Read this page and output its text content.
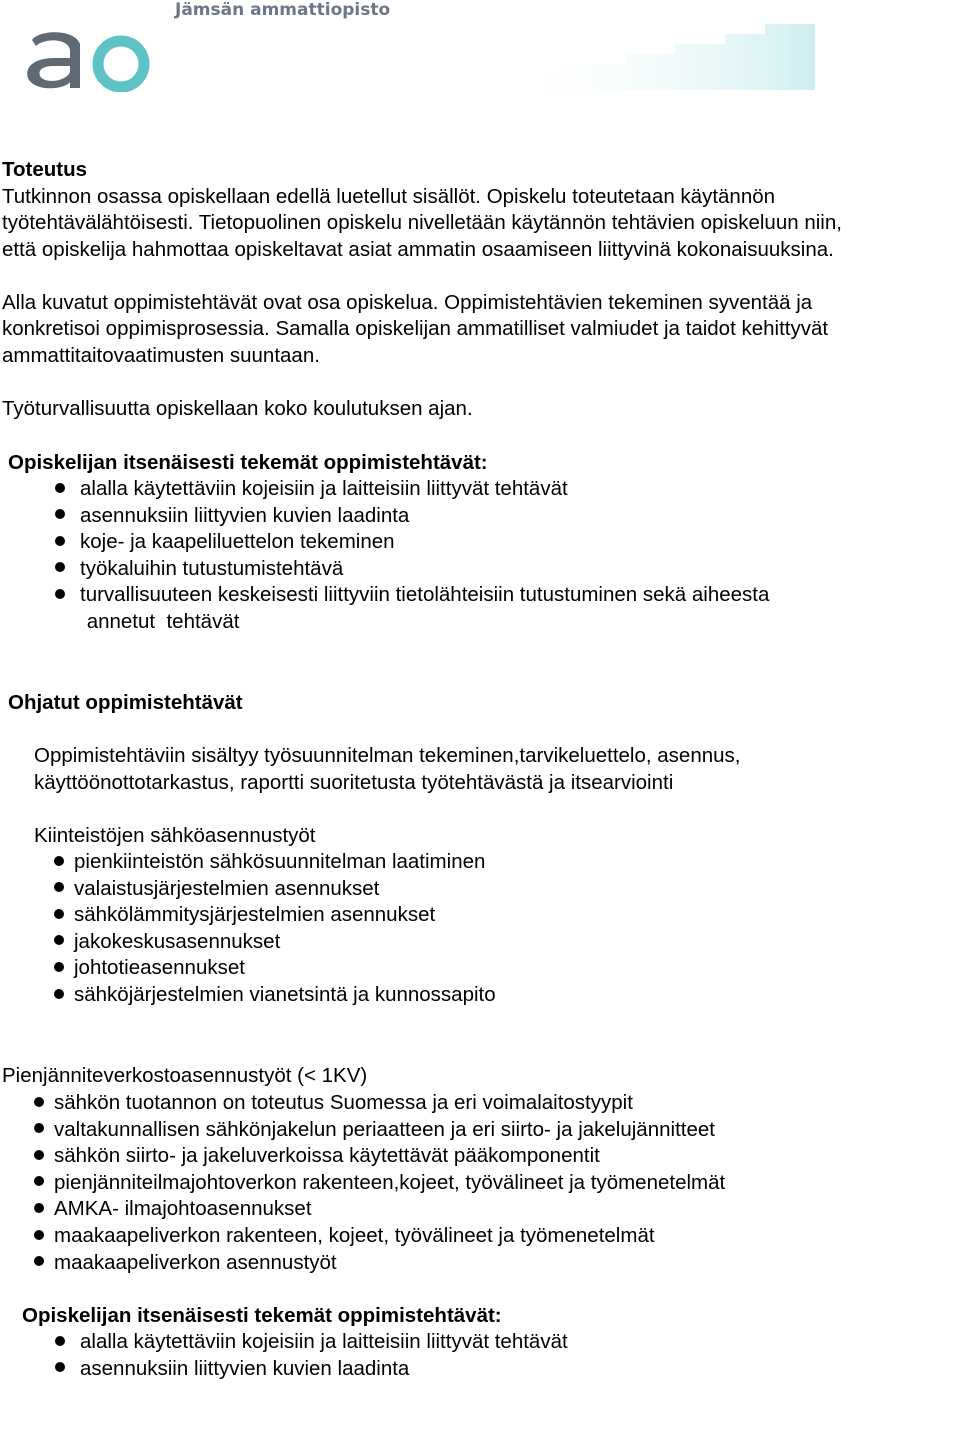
Jämsän ammattiopisto
Toteutus
Tutkinnon osassa opiskellaan edellä luetellut sisällöt. Opiskelu toteutetaan käytännön
työtehtävälähtöisesti. Tietopuolinen opiskelu nivelletään käytännön tehtävien opiskeluun niin,
että opiskelija hahmottaa opiskeltavat asiat ammatin osaamiseen liittyvinä kokonaisuuksina.
Alla kuvatut oppimistehtävät ovat osa opiskelua. Oppimistehtävien tekeminen syventää ja
konkretisoi oppimisprosessia. Samalla opiskelijan ammatilliset valmiudet ja taidot kehittyvät
ammattitaitovaatimusten suuntaan.
Työturvallisuutta opiskellaan koko koulutuksen ajan.
Opiskelijan itsenäisesti tekemät oppimistehtävät:
alalla käytettäviin kojeisiin ja laitteisiin liittyvät tehtävät
asennuksiin liittyvien kuvien laadinta
koje- ja kaapeliluettelon tekeminen
työkaluihin tutustumistehtävä
turvallisuuteen keskeisesti liittyviin tietolähteisiin tutustuminen sekä aiheesta
annetut  tehtävät
Ohjatut oppimistehtävät
Oppimistehtäviin sisältyy työsuunnitelman tekeminen,tarvikeluettelo, asennus,
käyttöönottotarkastus, raportti suoritetusta työtehtävästä ja itsearviointi
Kiinteistöjen sähköasennustyöt
pienkiinteistön sähkösuunnitelman laatiminen
valaistusjärjestelmien asennukset
sähkölämmitysjärjestelmien asennukset
jakokeskusasennukset
johtotieasennukset
sähköjärjestelmien vianetsintä ja kunnossapito
Pienjänniteverkostoasennustyöt (< 1KV)
sähkön tuotannon on toteutus Suomessa ja eri voimalaitostyypit
valtakunnallisen sähkönjakelun periaatteen ja eri siirto- ja jakelujännitteet
sähkön siirto- ja jakeluverkoissa käytettävät pääkomponentit
pienjänniteilmajohtoverkon rakenteen,kojeet, työvälineet ja työmenetelmät
AMKA- ilmajohtoasennukset
maakaapeliverkon rakenteen, kojeet, työvälineet ja työmenetelmät
maakaapeliverkon asennustyöt
Opiskelijan itsenäisesti tekemät oppimistehtävät:
alalla käytettäviin kojeisiin ja laitteisiin liittyvät tehtävät
asennuksiin liittyvien kuvien laadinta
